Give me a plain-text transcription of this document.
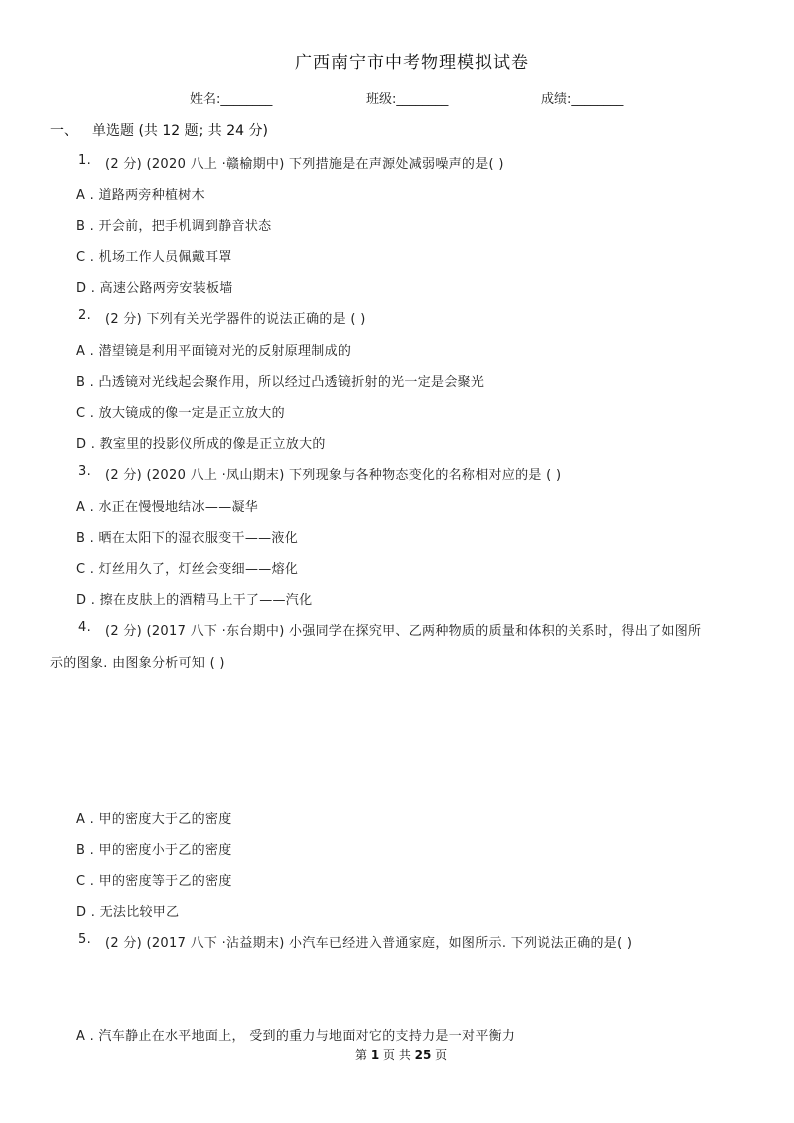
广西南宁市中考物理模拟试卷
姓名:________	班级:________	成绩:________
一、 单选题 (共 12 题; 共 24 分)
1. (2 分) (2020 八上 ·赣榆期中) 下列措施是在声源处减弱噪声的是( )
A . 道路两旁种植树木
B . 开会前，把手机调到静音状态
C . 机场工作人员佩戴耳罩
D . 高速公路两旁安装板墙
2. (2 分) 下列有关光学器件的说法正确的是 ( )
A . 潜望镜是利用平面镜对光的反射原理制成的
B . 凸透镜对光线起会聚作用，所以经过凸透镜折射的光一定是会聚光
C . 放大镜成的像一定是正立放大的
D . 教室里的投影仪所成的像是正立放大的
3. (2 分) (2020 八上 ·凤山期末) 下列现象与各种物态变化的名称相对应的是 ( )
A . 水正在慢慢地结冰——凝华
B . 晒在太阳下的湿衣服变干——液化
C . 灯丝用久了，灯丝会变细——熔化
D . 擦在皮肤上的酒精马上干了——汽化
4. (2 分) (2017 八下 ·东台期中) 小强同学在探究甲、乙两种物质的质量和体积的关系时，得出了如图所
示的图象. 由图象分析可知 ( )
A . 甲的密度大于乙的密度
B . 甲的密度小于乙的密度
C . 甲的密度等于乙的密度
D . 无法比较甲乙
5. (2 分) (2017 八下 ·沾益期末) 小汽车已经进入普通家庭，如图所示. 下列说法正确的是( )
A . 汽车静止在水平地面上， 受到的重力与地面对它的支持力是一对平衡力
第 1 页 共 25 页
